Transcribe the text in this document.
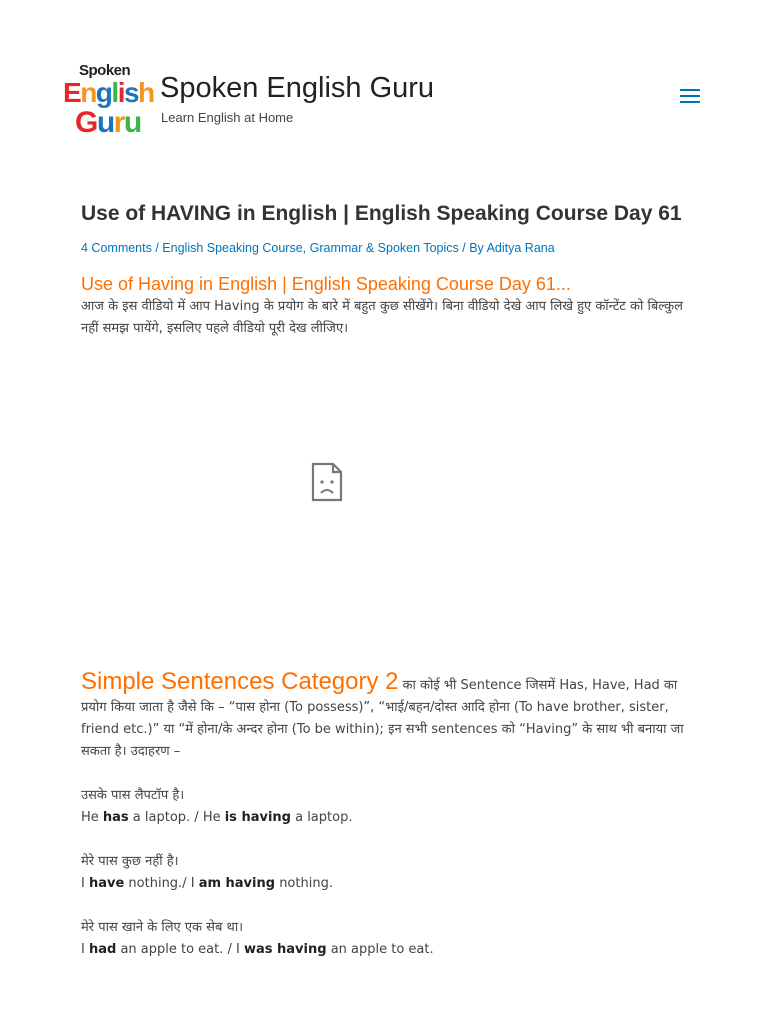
Spoken
English
Guru
Spoken English Guru
Learn English at Home
Use of HAVING in English | English Speaking Course Day 61
4 Comments / English Speaking Course, Grammar & Spoken Topics / By Aditya Rana
Use of Having in English | English Speaking Course Day 61...

आज के इस वीडियो में आप Having के प्रयोग के बारे में बहुत कुछ सीखेंगे। बिना वीडियो देखे आप लिखे हुए कॉन्टेंट को बिल्कुल नहीं समझ पायेंगे, इसलिए पहले वीडियो पूरी देख लीजिए।

Simple Sentences Category 2 का कोई भी Sentence जिसमें Has, Have, Had का प्रयोग किया जाता है जैसे कि – “पास होना (To possess)”, “भाई/बहन/दोस्त आदि होना (To have brother, sister, friend etc.)” या “में होना/के अन्दर होना (To be within); इन सभी sentences को “Having” के साथ भी बनाया जा सकता है। उदाहरण –

उसके पास लैपटॉप है।
He has a laptop. / He is having a laptop.
मेरे पास कुछ नहीं है।
I have nothing./ I am having nothing.
मेरे पास खाने के लिए एक सेब था।
I had an apple to eat. / I was having an apple to eat.
